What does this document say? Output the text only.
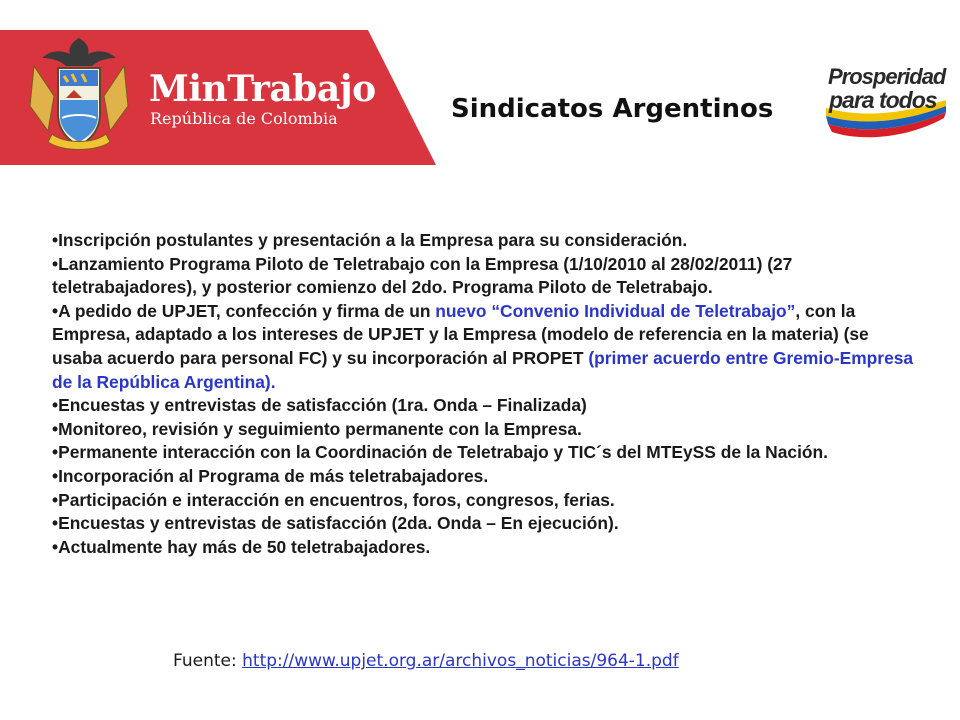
MinTrabajo
República de Colombia	Sindicatos Argentinos
Prosperidad
para todos

•Inscripción postulantes y presentación a la Empresa para su consideración.

•Lanzamiento Programa Piloto de Teletrabajo con la Empresa (1/10/2010 al 28/02/2011) (27 teletrabajadores), y posterior comienzo del 2do. Programa Piloto de Teletrabajo.

•A pedido de UPJET, confección y firma de un nuevo “Convenio Individual de Teletrabajo”, con la Empresa, adaptado a los intereses de UPJET y la Empresa (modelo de referencia en la materia) (se usaba acuerdo para personal FC) y su incorporación al PROPET (primer acuerdo entre Gremio-Empresa de la República Argentina).

•Encuestas y entrevistas de satisfacción (1ra. Onda – Finalizada)

•Monitoreo, revisión y seguimiento permanente con la Empresa.

•Permanente interacción con la Coordinación de Teletrabajo y TIC´s del MTEySS de la Nación.

•Incorporación al Programa de más teletrabajadores.

•Participación e interacción en encuentros, foros, congresos, ferias.

•Encuestas y entrevistas de satisfacción (2da. Onda – En ejecución).

•Actualmente hay más de 50 teletrabajadores.

Fuente: http://www.upjet.org.ar/archivos_noticias/964-1.pdf
